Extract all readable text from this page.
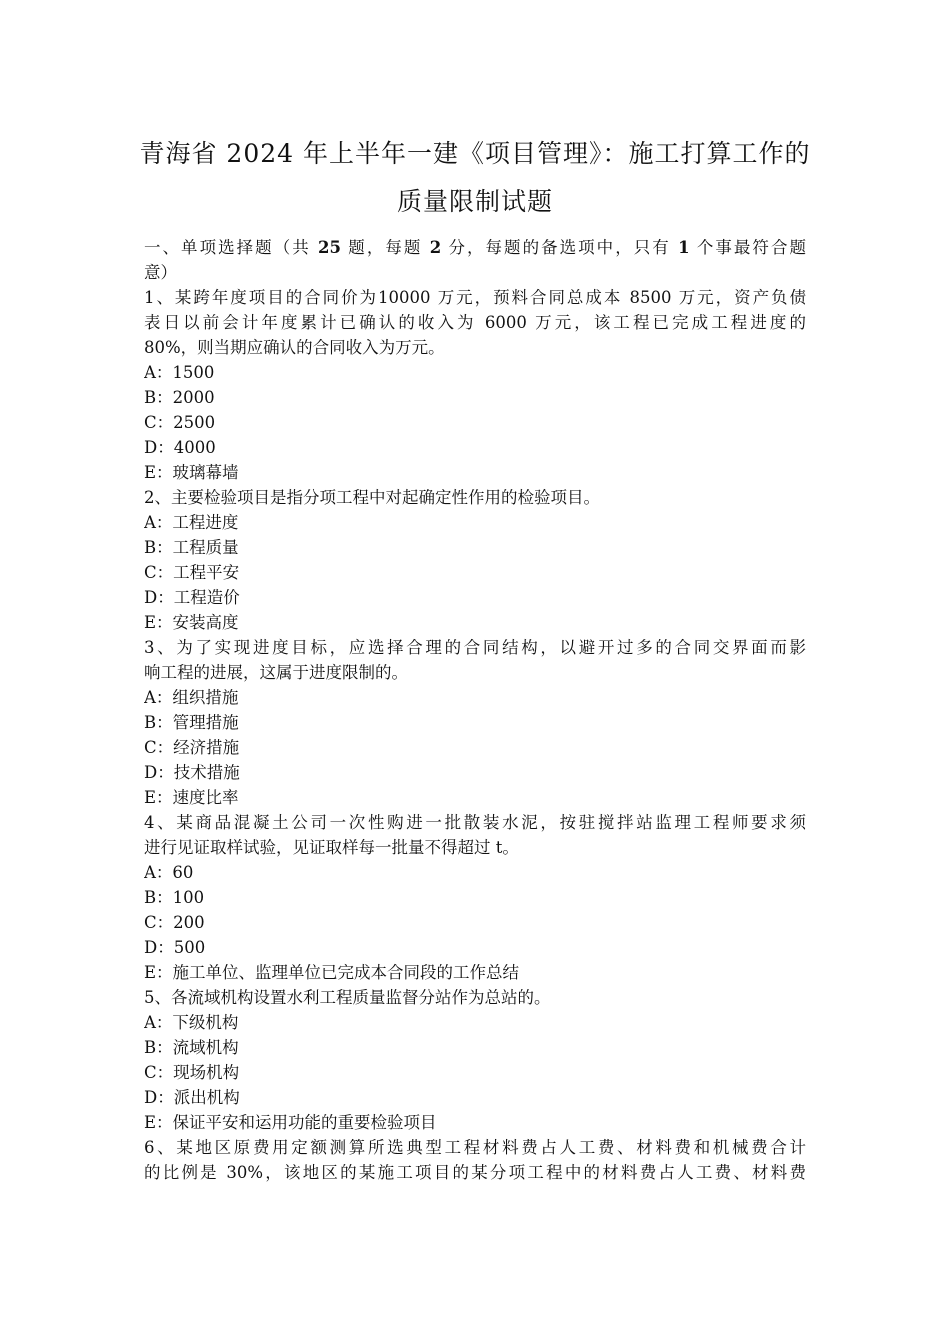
青海省 2024 年上半年一建《项目管理》：施工打算工作的
质量限制试题
一、单项选择题（共 25 题，每题 2 分，每题的备选项中，只有 1 个事最符合题
意）
1、某跨年度项目的合同价为10000 万元，预料合同总成本 8500 万元，资产负债
表日以前会计年度累计已确认的收入为 6000 万元，该工程已完成工程进度的
80%，则当期应确认的合同收入为万元。
A：1500
B：2000
C：2500
D：4000
E：玻璃幕墙
2、主要检验项目是指分项工程中对起确定性作用的检验项目。
A：工程进度
B：工程质量
C：工程平安
D：工程造价
E：安装高度
3、为了实现进度目标，应选择合理的合同结构，以避开过多的合同交界面而影
响工程的进展，这属于进度限制的。
A：组织措施
B：管理措施
C：经济措施
D：技术措施
E：速度比率
4、某商品混凝土公司一次性购进一批散装水泥，按驻搅拌站监理工程师要求须
进行见证取样试验，见证取样每一批量不得超过 t。
A：60
B：100
C：200
D：500
E：施工单位、监理单位已完成本合同段的工作总结
5、各流域机构设置水利工程质量监督分站作为总站的。
A：下级机构
B：流域机构
C：现场机构
D：派出机构
E：保证平安和运用功能的重要检验项目
6、某地区原费用定额测算所选典型工程材料费占人工费、材料费和机械费合计
的比例是 30%，该地区的某施工项目的某分项工程中的材料费占人工费、材料费
